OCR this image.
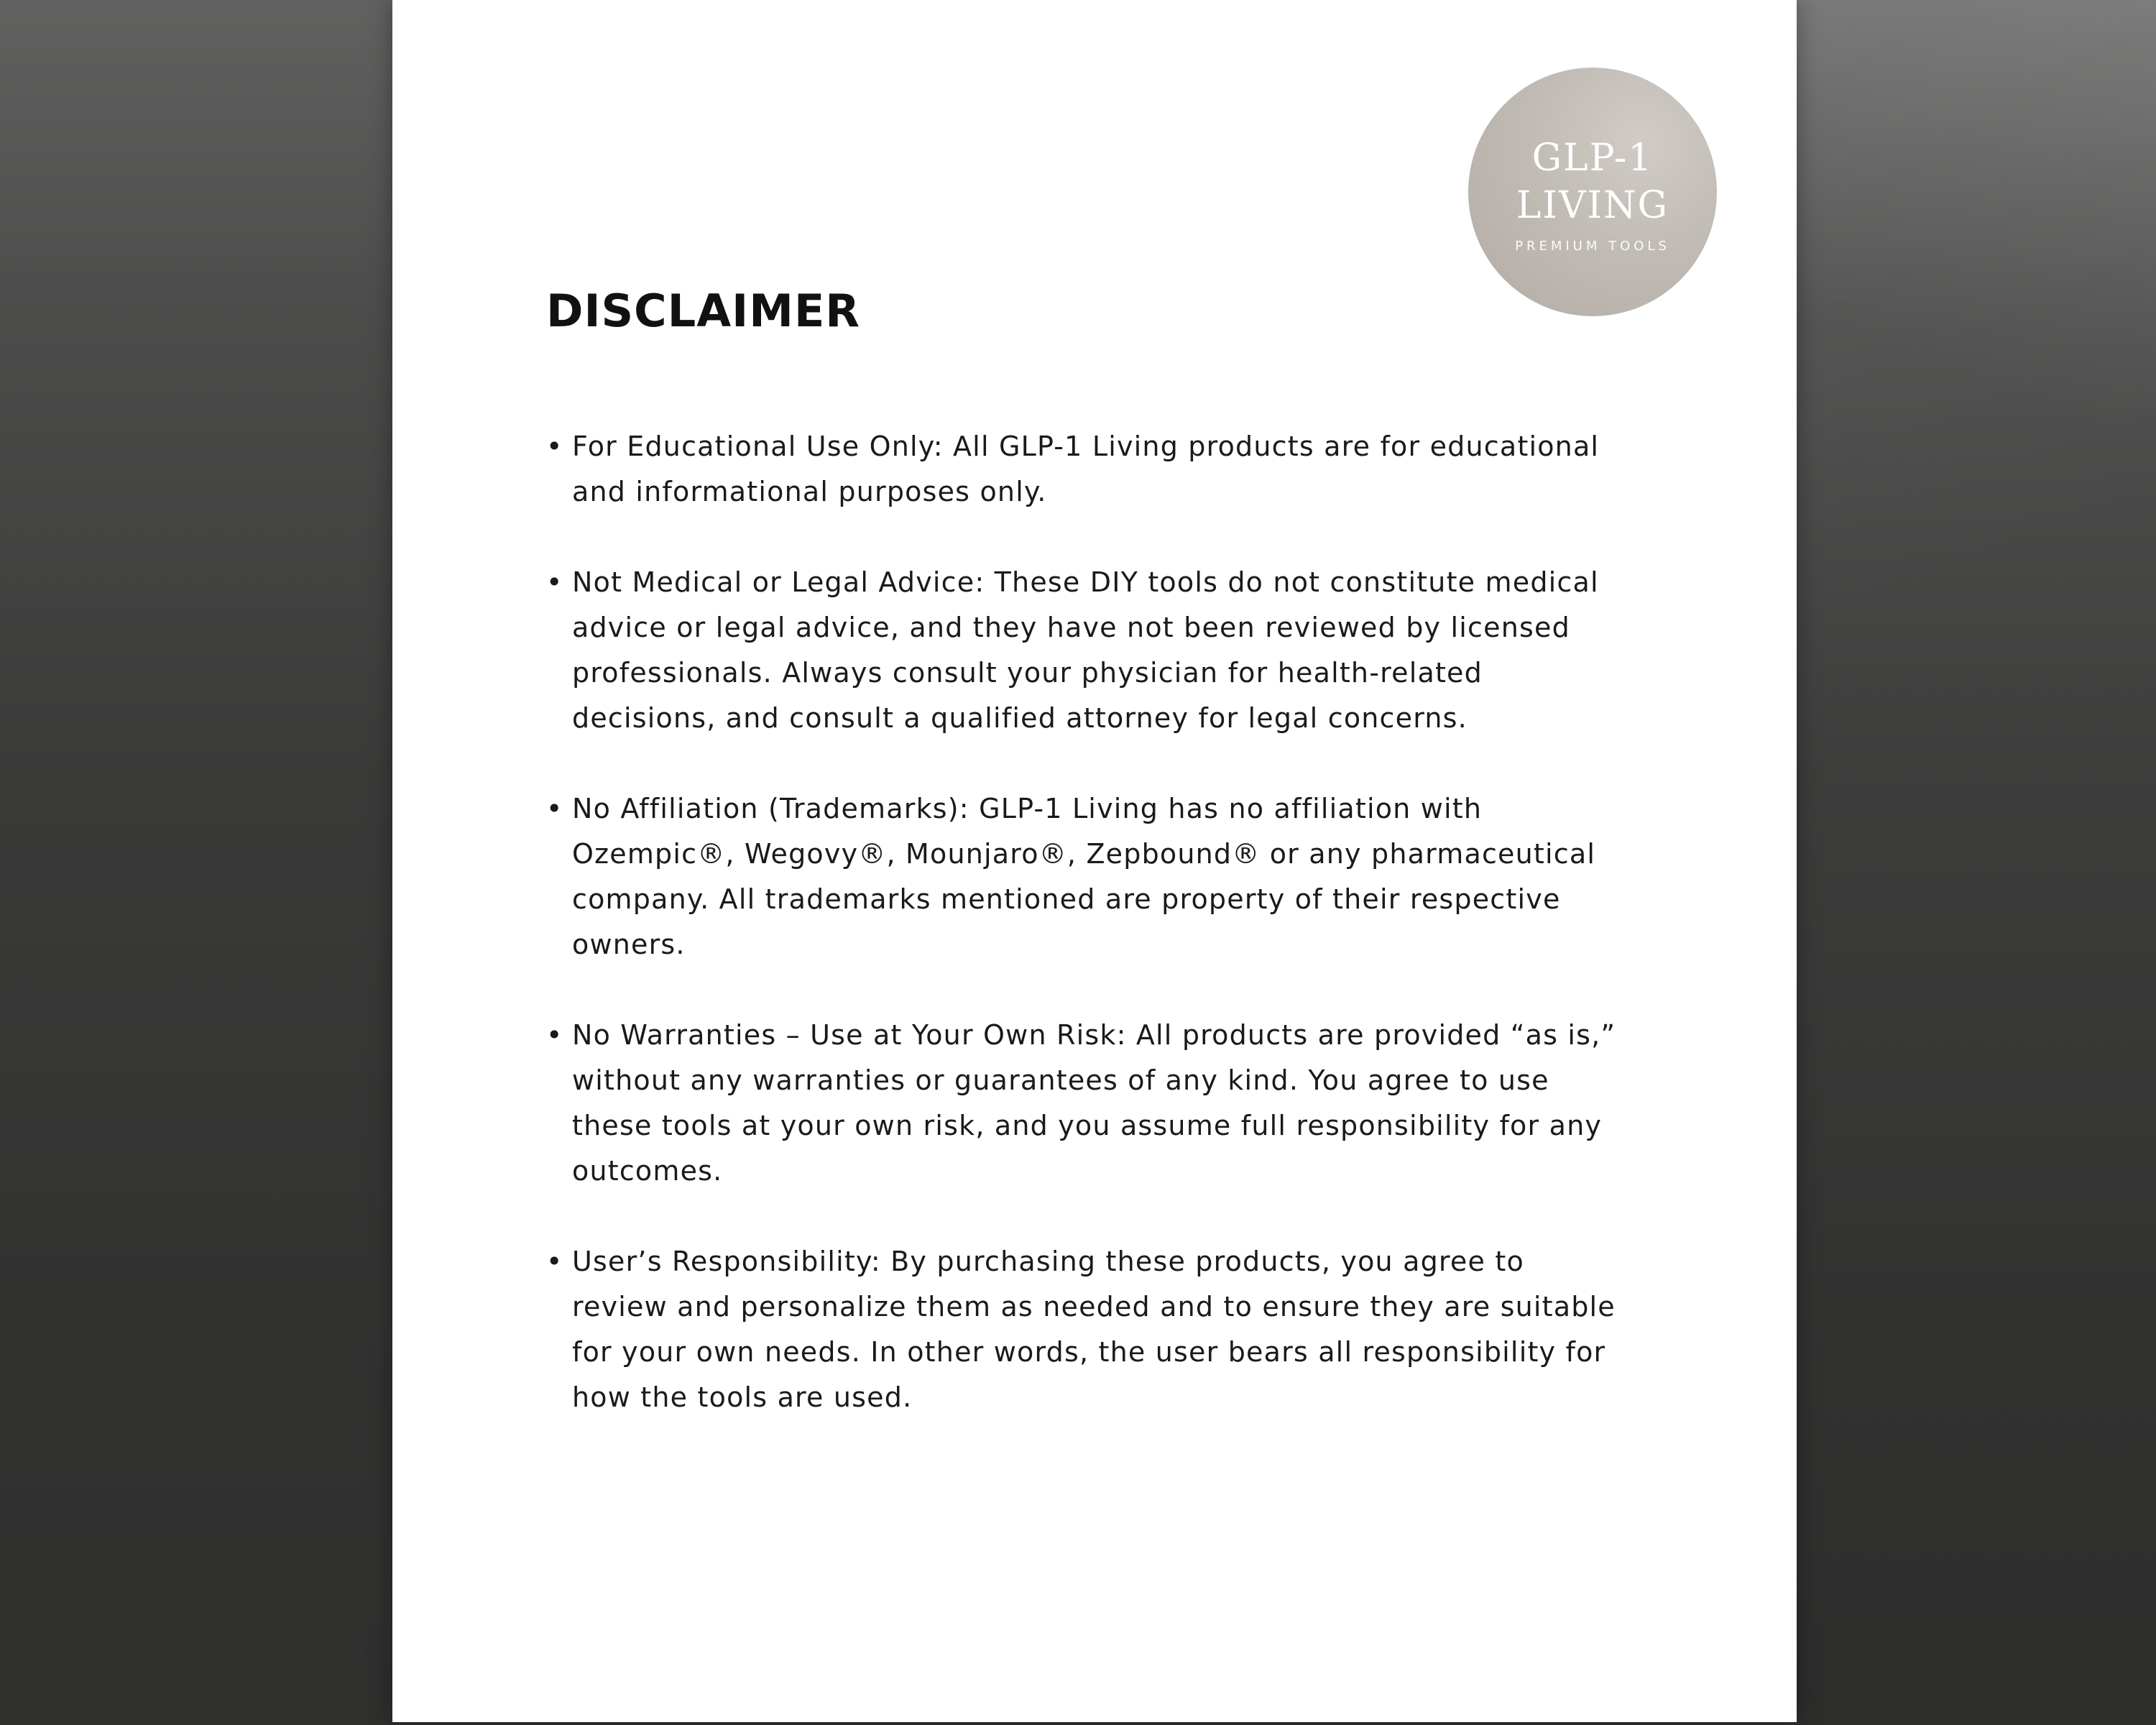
GLP-1
LIVING
PREMIUM TOOLS
DISCLAIMER
• For Educational Use Only: All GLP-1 Living products are for educational and informational purposes only.
• Not Medical or Legal Advice: These DIY tools do not constitute medical advice or legal advice, and they have not been reviewed by licensed professionals. Always consult your physician for health-related decisions, and consult a qualified attorney for legal concerns.
• No Affiliation (Trademarks): GLP-1 Living has no affiliation with Ozempic®, Wegovy®, Mounjaro®, Zepbound® or any pharmaceutical company. All trademarks mentioned are property of their respective owners.
• No Warranties – Use at Your Own Risk: All products are provided “as is,” without any warranties or guarantees of any kind. You agree to use these tools at your own risk, and you assume full responsibility for any outcomes.
• User’s Responsibility: By purchasing these products, you agree to review and personalize them as needed and to ensure they are suitable for your own needs. In other words, the user bears all responsibility for how the tools are used.
